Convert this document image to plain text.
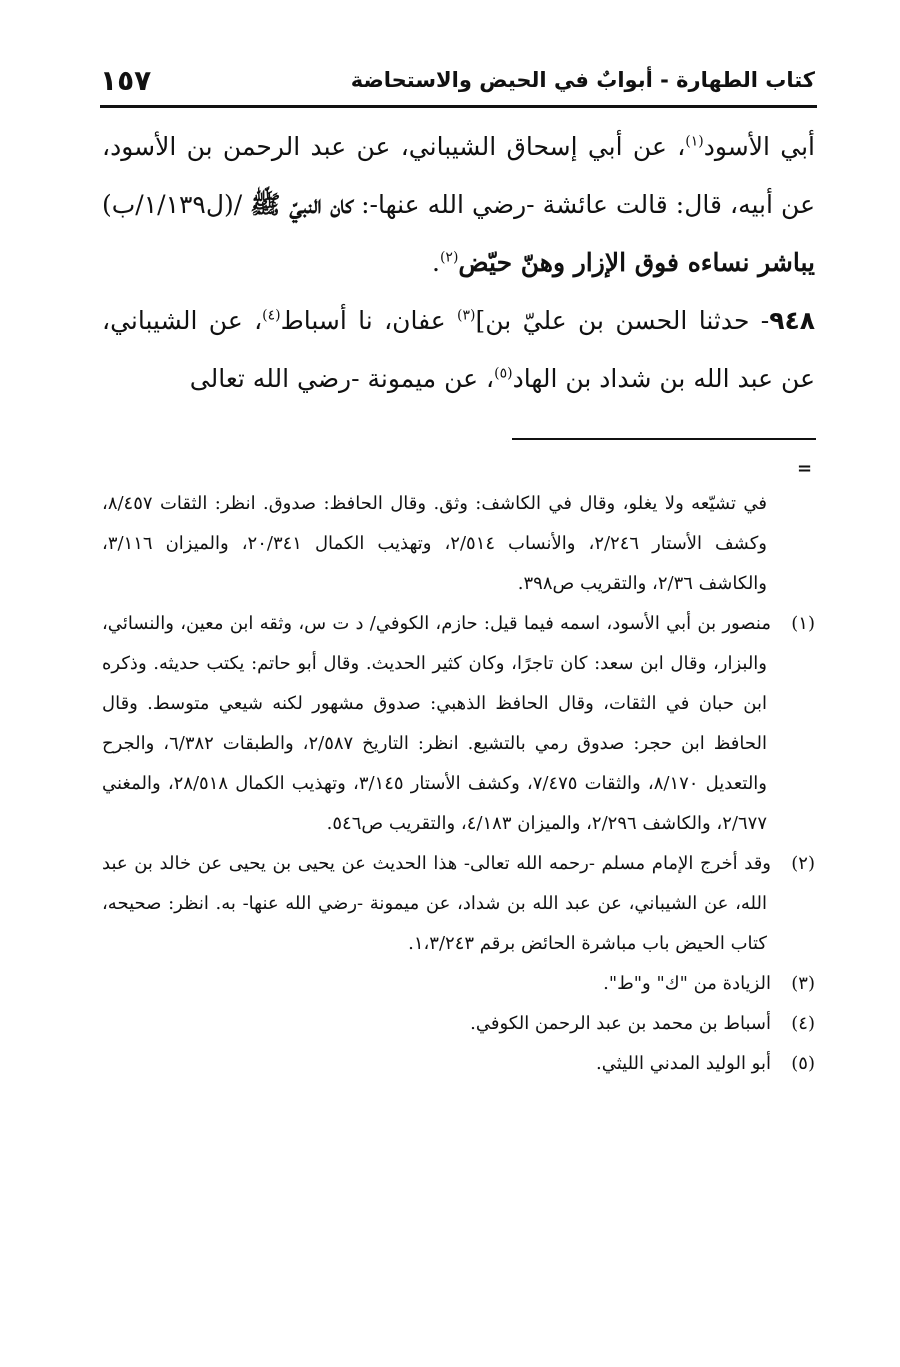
كتاب الطهارة - أبوابٌ في الحيض والاستحاضة
١٥٧

أبي الأسود$^{(١)}$، عن أبي إسحاق الشيباني، عن عبد الرحمن بن الأسود، عن أبيه، قال: قالت عائشة -رضي الله عنها-: كان النبيّ ﷺ /(ل١/١٣٩/ب) يباشر نساءه فوق الإزار وهنّ حيّض$^{(٢)}$.

٩٤٨- حدثنا الحسن بن عليّ بن]$^{(٣)}$ عفان، نا أسباط$^{(٤)}$، عن الشيباني، عن عبد الله بن شداد بن الهاد$^{(٥)}$، عن ميمونة -رضي الله تعالى

=

في تشيّعه ولا يغلو، وقال في الكاشف: وثق. وقال الحافظ: صدوق. انظر: الثقات ٨/٤٥٧، وكشف الأستار ٢/٢٤٦، والأنساب ٢/٥١٤، وتهذيب الكمال ٢٠/٣٤١، والميزان ٣/١١٦، والكاشف ٢/٣٦، والتقريب ص٣٩٨.

(١)منصور بن أبي الأسود، اسمه فيما قيل: حازم، الكوفي/ د ت س، وثقه ابن معين، والنسائي، والبزار، وقال ابن سعد: كان تاجرًا، وكان كثير الحديث. وقال أبو حاتم: يكتب حديثه. وذكره ابن حبان في الثقات، وقال الحافظ الذهبي: صدوق مشهور لكنه شيعي متوسط. وقال الحافظ ابن حجر: صدوق رمي بالتشيع. انظر: التاريخ ٢/٥٨٧، والطبقات ٦/٣٨٢، والجرح والتعديل ٨/١٧٠، والثقات ٧/٤٧٥، وكشف الأستار ٣/١٤٥، وتهذيب الكمال ٢٨/٥١٨، والمغني ٢/٦٧٧، والكاشف ٢/٢٩٦، والميزان ٤/١٨٣، والتقريب ص٥٤٦.

(٢)وقد أخرج الإمام مسلم -رحمه الله تعالى- هذا الحديث عن يحيى بن يحيى عن خالد بن عبد الله، عن الشيباني، عن عبد الله بن شداد، عن ميمونة -رضي الله عنها- به. انظر: صحيحه، كتاب الحيض باب مباشرة الحائض برقم ١،٣/٢٤٣.

(٣)الزيادة من "ك" و"ط".

(٤)أسباط بن محمد بن عبد الرحمن الكوفي.

(٥)أبو الوليد المدني الليثي.
